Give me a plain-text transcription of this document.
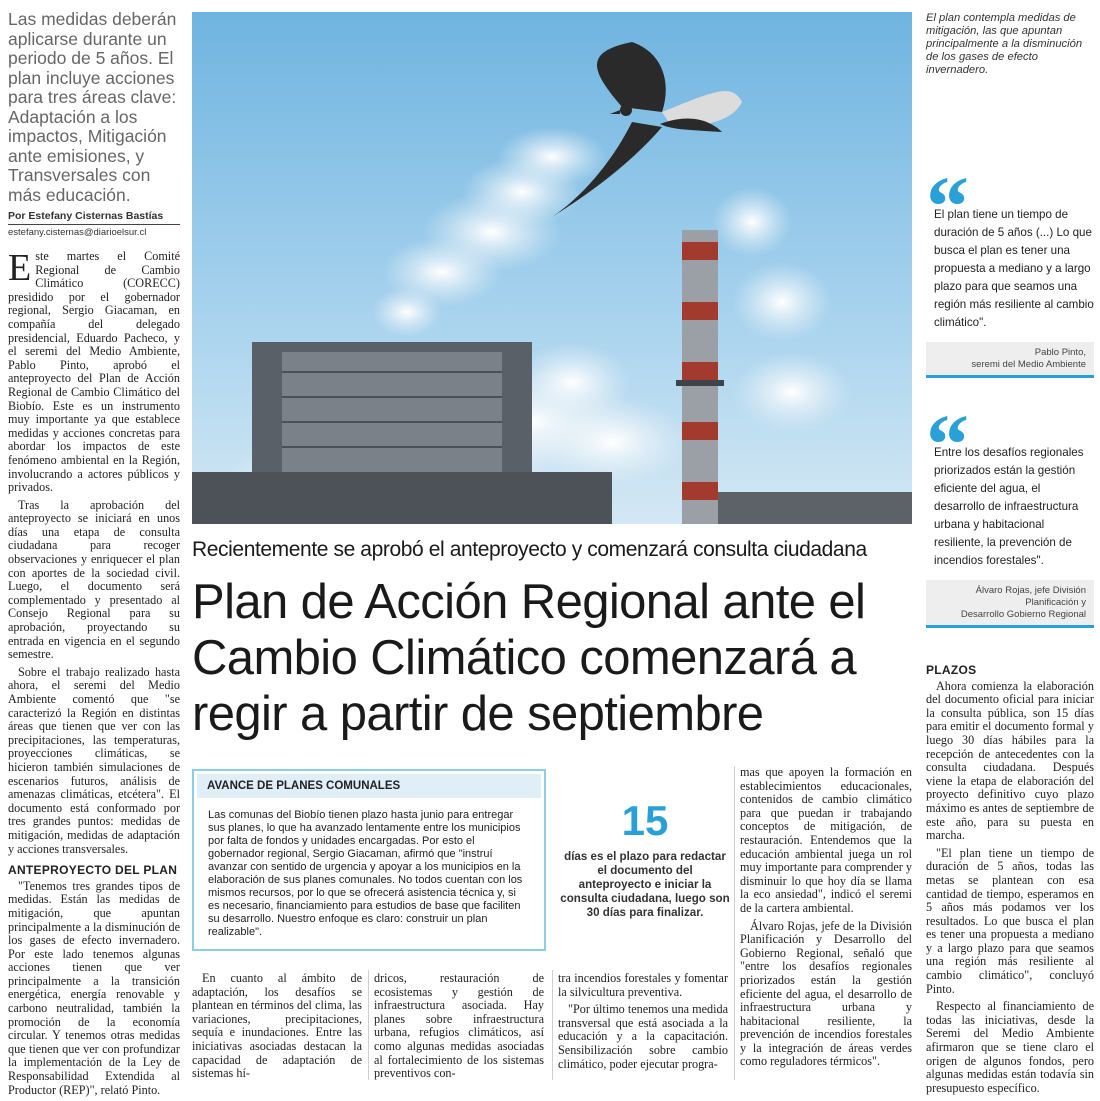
Las medidas deberán aplicarse durante un periodo de 5 años. El plan incluye acciones para tres áreas clave: Adaptación a los impactos, Mitigación ante emisiones, y Transversales con más educación.
Por Estefany Cisternas Bastías
estefany.cisternas@diarioelsur.cl

Este martes el Comité Regional de Cambio Climático (CORECC) presidido por el gobernador regional, Sergio Giacaman, en compañía del delegado presidencial, Eduardo Pacheco, y el seremi del Medio Ambiente, Pablo Pinto, aprobó el anteproyecto del Plan de Acción Regional de Cambio Climático del Biobío. Este es un instrumento muy importante ya que establece medidas y acciones concretas para abordar los impactos de este fenómeno ambiental en la Región, involucrando a actores públicos y privados.

Tras la aprobación del anteproyecto se iniciará en unos días una etapa de consulta ciudadana para recoger observaciones y enriquecer el plan con aportes de la sociedad civil. Luego, el documento será complementado y presentado al Consejo Regional para su aprobación, proyectando su entrada en vigencia en el segundo semestre.

Sobre el trabajo realizado hasta ahora, el seremi del Medio Ambiente comentó que "se caracterizó la Región en distintas áreas que tienen que ver con las precipitaciones, las temperaturas, proyecciones climáticas, se hicieron también simulaciones de escenarios futuros, análisis de amenazas climáticas, etcétera". El documento está conformado por tres grandes puntos: medidas de mitigación, medidas de adaptación y acciones transversales.

ANTEPROYECTO DEL PLAN

"Tenemos tres grandes tipos de medidas. Están las medidas de mitigación, que apuntan principalmente a la disminución de los gases de efecto invernadero. Por este lado tenemos algunas acciones tienen que ver principalmente a la transición energética, energía renovable y carbono neutralidad, también la promoción de la economía circular. Y tenemos otras medidas que tienen que ver con profundizar la implementación de la Ley de Responsabilidad Extendida al Productor (REP)", relató Pinto.

El plan contempla medidas de mitigación, las que apuntan principalmente a la disminución de los gases de efecto invernadero.
“
El plan tiene un tiempo de duración de 5 años (...) Lo que busca el plan es tener una propuesta a mediano y a largo plazo para que seamos una región más resiliente al cambio climático".
Pablo Pinto,
seremi del Medio Ambiente
“
Entre los desafíos regionales priorizados están la gestión eficiente del agua, el desarrollo de infraestructura urbana y habitacional resiliente, la prevención de incendios forestales".
Álvaro Rojas, jefe División Planificación y
Desarrollo Gobierno Regional
Recientemente se aprobó el anteproyecto y comenzará consulta ciudadana
Plan de Acción Regional ante el
Cambio Climático comenzará a
regir a partir de septiembre
AVANCE DE PLANES COMUNALES
Las comunas del Biobío tienen plazo hasta junio para entregar sus planes, lo que ha avanzado lentamente entre los municipios por falta de fondos y unidades encargadas. Por esto el gobernador regional, Sergio Giacaman, afirmó que "instruí avanzar con sentido de urgencia y apoyar a los municipios en la elaboración de sus planes comunales. No todos cuentan con los mismos recursos, por lo que se ofrecerá asistencia técnica y, si es necesario, financiamiento para estudios de base que faciliten su desarrollo. Nuestro enfoque es claro: construir un plan realizable".
15
días es el plazo para redactar el documento del anteproyecto e iniciar la consulta ciudadana, luego son 30 días para finalizar.

En cuanto al ámbito de adaptación, los desafíos se plantean en términos del clima, las variaciones, precipitaciones, sequía e inundaciones. Entre las iniciativas asociadas destacan la capacidad de adaptación de sistemas hí-

dricos, restauración de ecosistemas y gestión de infraestructura asociada. Hay planes sobre infraestructura urbana, refugios climáticos, así como algunas medidas asociadas al fortalecimiento de los sistemas preventivos con-

tra incendios forestales y fomentar la silvicultura preventiva.

"Por último tenemos una medida transversal que está asociada a la educación y a la capacitación. Sensibilización sobre cambio climático, poder ejecutar progra-

mas que apoyen la formación en establecimientos educacionales, contenidos de cambio climático para que puedan ir trabajando conceptos de mitigación, de restauración. Entendemos que la educación ambiental juega un rol muy importante para comprender y disminuir lo que hoy día se llama la eco ansiedad", indicó el seremi de la cartera ambiental.

Álvaro Rojas, jefe de la División Planificación y Desarrollo del Gobierno Regional, señaló que "entre los desafíos regionales priorizados están la gestión eficiente del agua, el desarrollo de infraestructura urbana y habitacional resiliente, la prevención de incendios forestales y la integración de áreas verdes como reguladores térmicos".

PLAZOS

Ahora comienza la elaboración del documento oficial para iniciar la consulta pública, son 15 días para emitir el documento formal y luego 30 días hábiles para la recepción de antecedentes con la consulta ciudadana. Después viene la etapa de elaboración del proyecto definitivo cuyo plazo máximo es antes de septiembre de este año, para su puesta en marcha.

"El plan tiene un tiempo de duración de 5 años, todas las metas se plantean con esa cantidad de tiempo, esperamos en 5 años más podamos ver los resultados. Lo que busca el plan es tener una propuesta a mediano y a largo plazo para que seamos una región más resiliente al cambio climático", concluyó Pinto.

Respecto al financiamiento de todas las iniciativas, desde la Seremi del Medio Ambiente afirmaron que se tiene claro el origen de algunos fondos, pero algunas medidas están todavía sin presupuesto específico.
